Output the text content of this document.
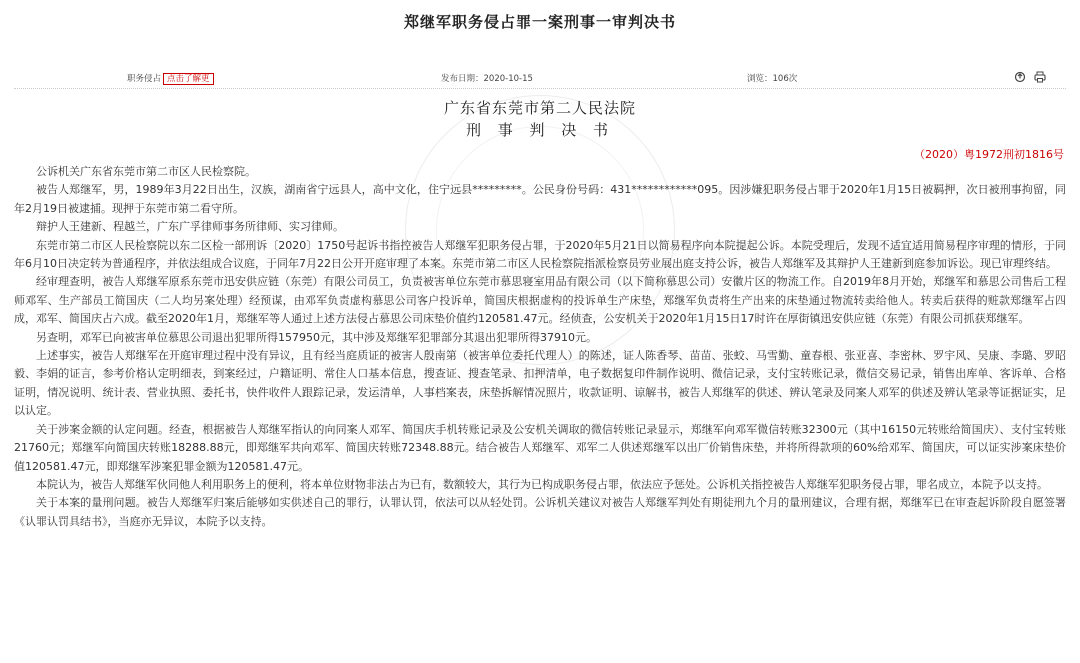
郑继军职务侵占罪一案刑事一审判决书
职务侵占 点击了解更	发布日期：2020-10-15	浏览：106次
广东省东莞市第二人民法院
刑 事 判 决 书
（2020）粤1972刑初1816号

公诉机关广东省东莞市第二市区人民检察院。

被告人郑继军，男，1989年3月22日出生，汉族，湖南省宁远县人，高中文化，住宁远县*********。公民身份号码：431************095。因涉嫌犯职务侵占罪于2020年1月15日被羁押，次日被刑事拘留，同年2月19日被逮捕。现押于东莞市第二看守所。

辩护人王建新、程越兰，广东广孚律师事务所律师、实习律师。

东莞市第二市区人民检察院以东二区检一部刑诉〔2020〕1750号起诉书指控被告人郑继军犯职务侵占罪，于2020年5月21日以简易程序向本院提起公诉。本院受理后，发现不适宜适用简易程序审理的情形，于同年6月10日决定转为普通程序，并依法组成合议庭，于同年7月22日公开开庭审理了本案。东莞市第二市区人民检察院指派检察员劳业展出庭支持公诉，被告人郑继军及其辩护人王建新到庭参加诉讼。现已审理终结。

经审理查明，被告人郑继军原系东莞市迅安供应链（东莞）有限公司员工，负责被害单位东莞市慕思寝室用品有限公司（以下简称慕思公司）安徽片区的物流工作。自2019年8月开始，郑继军和慕思公司售后工程师邓军、生产部员工简国庆（二人均另案处理）经预谋，由邓军负责虚构慕思公司客户投诉单，简国庆根据虚构的投诉单生产床垫，郑继军负责将生产出来的床垫通过物流转卖给他人。转卖后获得的赃款郑继军占四成，邓军、简国庆占六成。截至2020年1月，郑继军等人通过上述方法侵占慕思公司床垫价值约120581.47元。经侦查，公安机关于2020年1月15日17时许在厚街镇迅安供应链（东莞）有限公司抓获郑继军。

另查明，邓军已向被害单位慕思公司退出犯罪所得157950元，其中涉及郑继军犯罪部分其退出犯罪所得37910元。

上述事实，被告人郑继军在开庭审理过程中没有异议，且有经当庭质证的被害人殷南第（被害单位委托代理人）的陈述，证人陈香琴、苗苗、张蛟、马雪勤、童春根、张亚喜、李密林、罗宇风、吴康、李璐、罗昭毅、李娟的证言，参考价格认定明细表，到案经过，户籍证明、常住人口基本信息，搜查证、搜查笔录、扣押清单，电子数据复印件制作说明、微信记录，支付宝转账记录，微信交易记录，销售出库单、客诉单、合格证明，情况说明、统计表、营业执照、委托书，快件收件人跟踪记录，发运清单，人事档案表，床垫拆解情况照片，收款证明、谅解书，被告人郑继军的供述、辨认笔录及同案人邓军的供述及辨认笔录等证据证实，足以认定。

关于涉案金额的认定问题。经查，根据被告人郑继军指认的向同案人邓军、简国庆手机转账记录及公安机关调取的微信转账记录显示，郑继军向邓军微信转账32300元（其中16150元转账给简国庆）、支付宝转账21760元；郑继军向简国庆转账18288.88元，即郑继军共向邓军、简国庆转账72348.88元。结合被告人郑继军、邓军二人供述郑继军以出厂价销售床垫，并将所得款项的60%给邓军、简国庆，可以证实涉案床垫价值120581.47元，即郑继军涉案犯罪金额为120581.47元。

本院认为，被告人郑继军伙同他人利用职务上的便利，将本单位财物非法占为已有，数额较大，其行为已构成职务侵占罪，依法应予惩处。公诉机关指控被告人郑继军犯职务侵占罪，罪名成立，本院予以支持。

关于本案的量刑问题。被告人郑继军归案后能够如实供述自己的罪行，认罪认罚，依法可以从轻处罚。公诉机关建议对被告人郑继军判处有期徒刑九个月的量刑建议，合理有据，郑继军已在审查起诉阶段自愿签署《认罪认罚具结书》，当庭亦无异议，本院予以支持。
